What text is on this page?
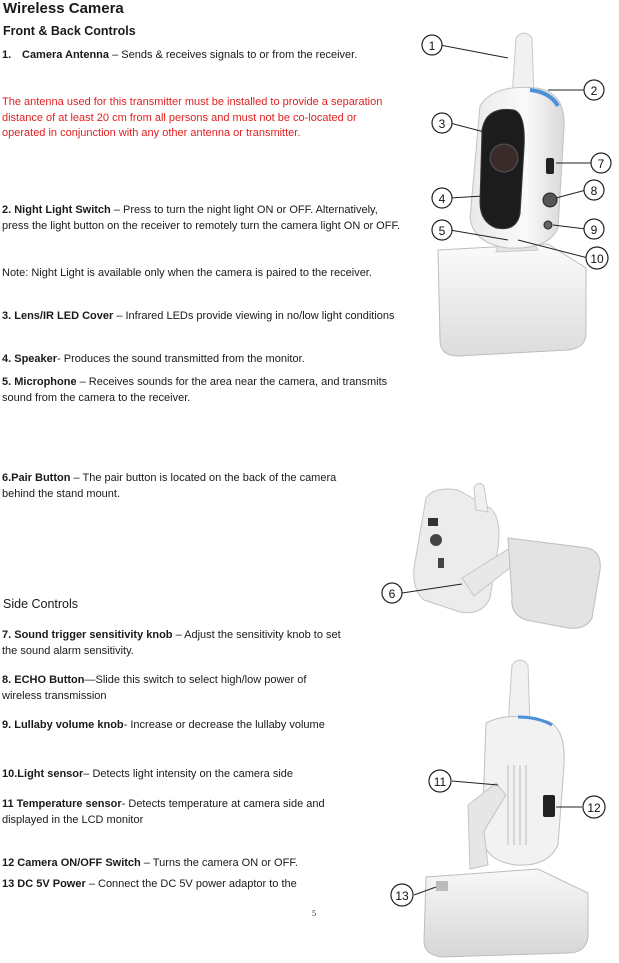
Wireless Camera
Front & Back Controls
1. Camera Antenna – Sends & receives signals to or from the receiver.
The antenna used for this transmitter must be installed to provide a separation distance of at least 20 cm from all persons and must not be co-located or operated in conjunction with any other antenna or transmitter.
2. Night Light Switch – Press to turn the night light ON or OFF. Alternatively, press the light button on the receiver to remotely turn the camera light ON or OFF.
Note: Night Light is available only when the camera is paired to the receiver.
3. Lens/IR LED Cover – Infrared LEDs provide viewing in no/low light conditions
4. Speaker- Produces the sound transmitted from the monitor.
5. Microphone – Receives sounds for the area near the camera, and transmits sound from the camera to the receiver.
6.Pair Button – The pair button is located on the back of the camera behind the stand mount.
Side Controls
7. Sound trigger sensitivity knob – Adjust the sensitivity knob to set the sound alarm sensitivity.
8. ECHO Button—Slide this switch to select high/low power of wireless transmission
9. Lullaby volume knob- Increase or decrease the lullaby volume
10.Light sensor– Detects light intensity on the camera side
11 Temperature sensor- Detects temperature at camera side and displayed in the LCD monitor
12 Camera ON/OFF Switch – Turns the camera ON or OFF.
13 DC 5V Power – Connect the DC 5V power adaptor to the
5
1
2
3
4
5
7
8
9
10
6
11
12
13
